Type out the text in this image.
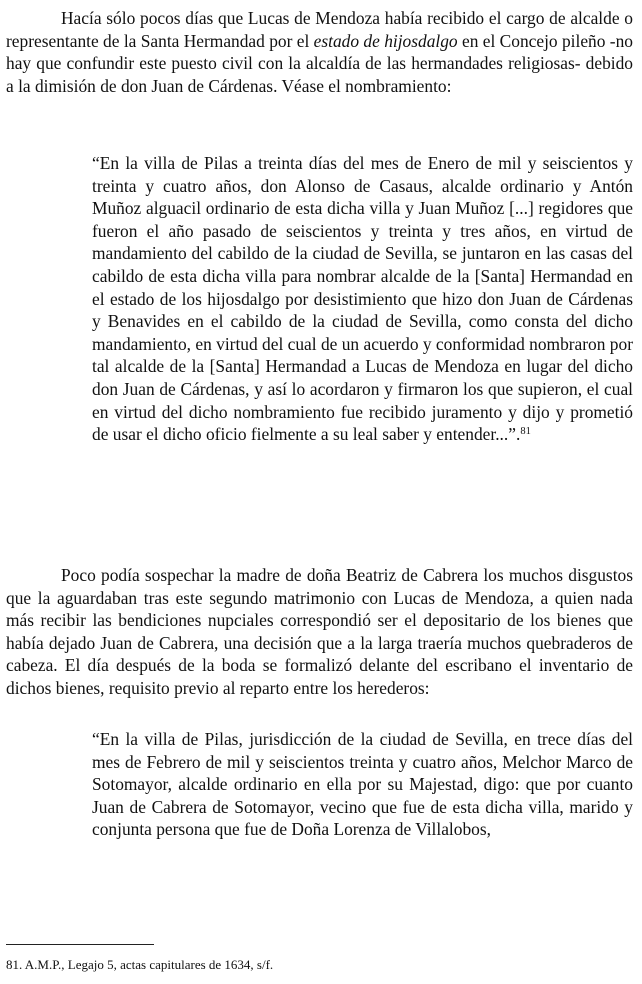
Hacía sólo pocos días que Lucas de Mendoza había recibido el cargo de alcalde o representante de la Santa Hermandad por el estado de hijosdalgo en el Concejo pileño -no hay que confundir este puesto civil con la alcaldía de las hermandades religiosas- debido a la dimisión de don Juan de Cárdenas. Véase el nombramiento:

“En la villa de Pilas a treinta días del mes de Enero de mil y seiscientos y treinta y cuatro años, don Alonso de Casaus, alcalde ordinario y Antón Muñoz alguacil ordinario de esta dicha villa y Juan Muñoz [...] regidores que fueron el año pasado de seiscientos y treinta y tres años, en virtud de mandamiento del cabildo de la ciudad de Sevilla, se juntaron en las casas del cabildo de esta dicha villa para nombrar alcalde de la [Santa] Hermandad en el estado de los hijosdalgo por desistimiento que hizo don Juan de Cárdenas y Benavides en el cabildo de la ciudad de Sevilla, como consta del dicho mandamiento, en virtud del cual de un acuerdo y conformidad nombraron por tal alcalde de la [Santa] Hermandad a Lucas de Mendoza en lugar del dicho don Juan de Cárdenas, y así lo acordaron y firmaron los que supieron, el cual en virtud del dicho nombramiento fue recibido juramento y dijo y prometió de usar el dicho oficio fielmente a su leal saber y entender...”.$^{81}$

Poco podía sospechar la madre de doña Beatriz de Cabrera los muchos disgustos que la aguardaban tras este segundo matrimonio con Lucas de Mendoza, a quien nada más recibir las bendiciones nupciales correspondió ser el depositario de los bienes que había dejado Juan de Cabrera, una decisión que a la larga traería muchos quebraderos de cabeza. El día después de la boda se formalizó delante del escribano el inventario de dichos bienes, requisito previo al reparto entre los herederos:

“En la villa de Pilas, jurisdicción de la ciudad de Sevilla, en trece días del mes de Febrero de mil y seiscientos treinta y cuatro años, Melchor Marco de Sotomayor, alcalde ordinario en ella por su Majestad, digo: que por cuanto Juan de Cabrera de Sotomayor, vecino que fue de esta dicha villa, marido y conjunta persona que fue de Doña Lorenza de Villalobos,

81. A.M.P., Legajo 5, actas capitulares de 1634, s/f.
